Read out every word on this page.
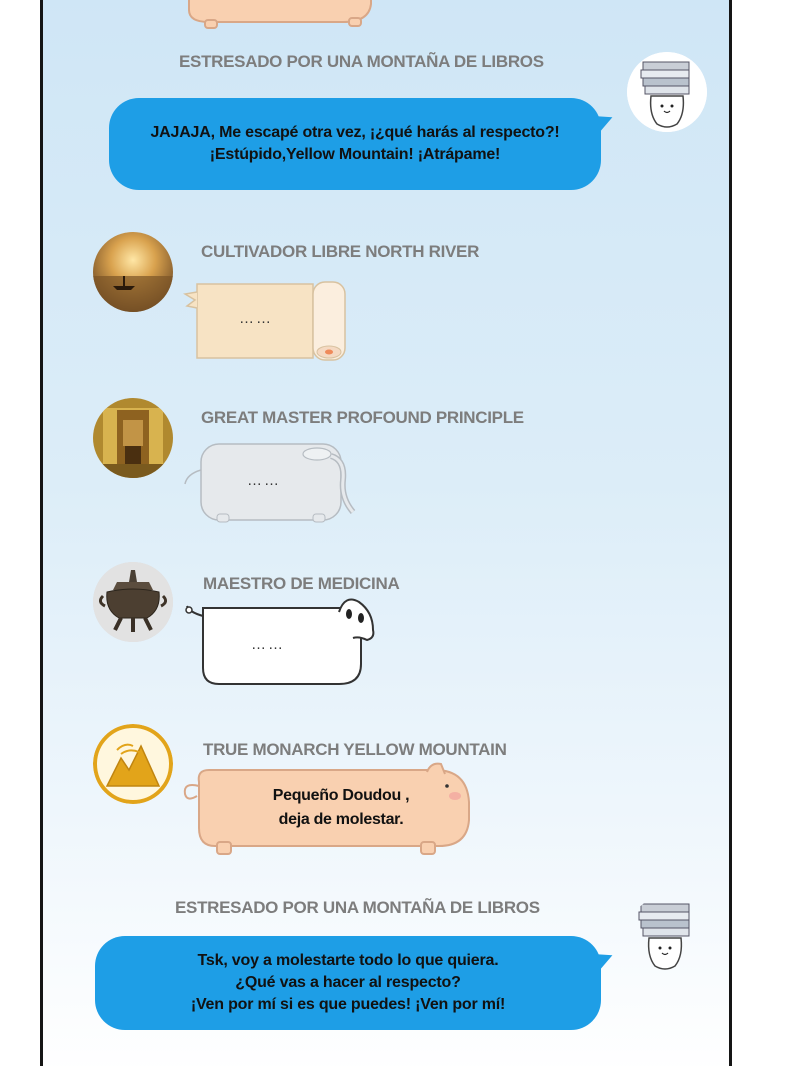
ESTRESADO POR UNA MONTAÑA DE LIBROS
JAJAJA, Me escapé otra vez, ¡¿qué harás al respecto?!
¡Estúpido,Yellow Mountain! ¡Atrápame!
CULTIVADOR LIBRE NORTH RIVER
……
GREAT MASTER PROFOUND PRINCIPLE
……
MAESTRO DE MEDICINA
……
TRUE MONARCH YELLOW MOUNTAIN
Pequeño Doudou ,
deja de molestar.
ESTRESADO POR UNA MONTAÑA DE LIBROS
Tsk, voy a molestarte todo lo que quiera.
¿Qué vas a hacer al respecto?
¡Ven por mí si es que puedes! ¡Ven por mí!
